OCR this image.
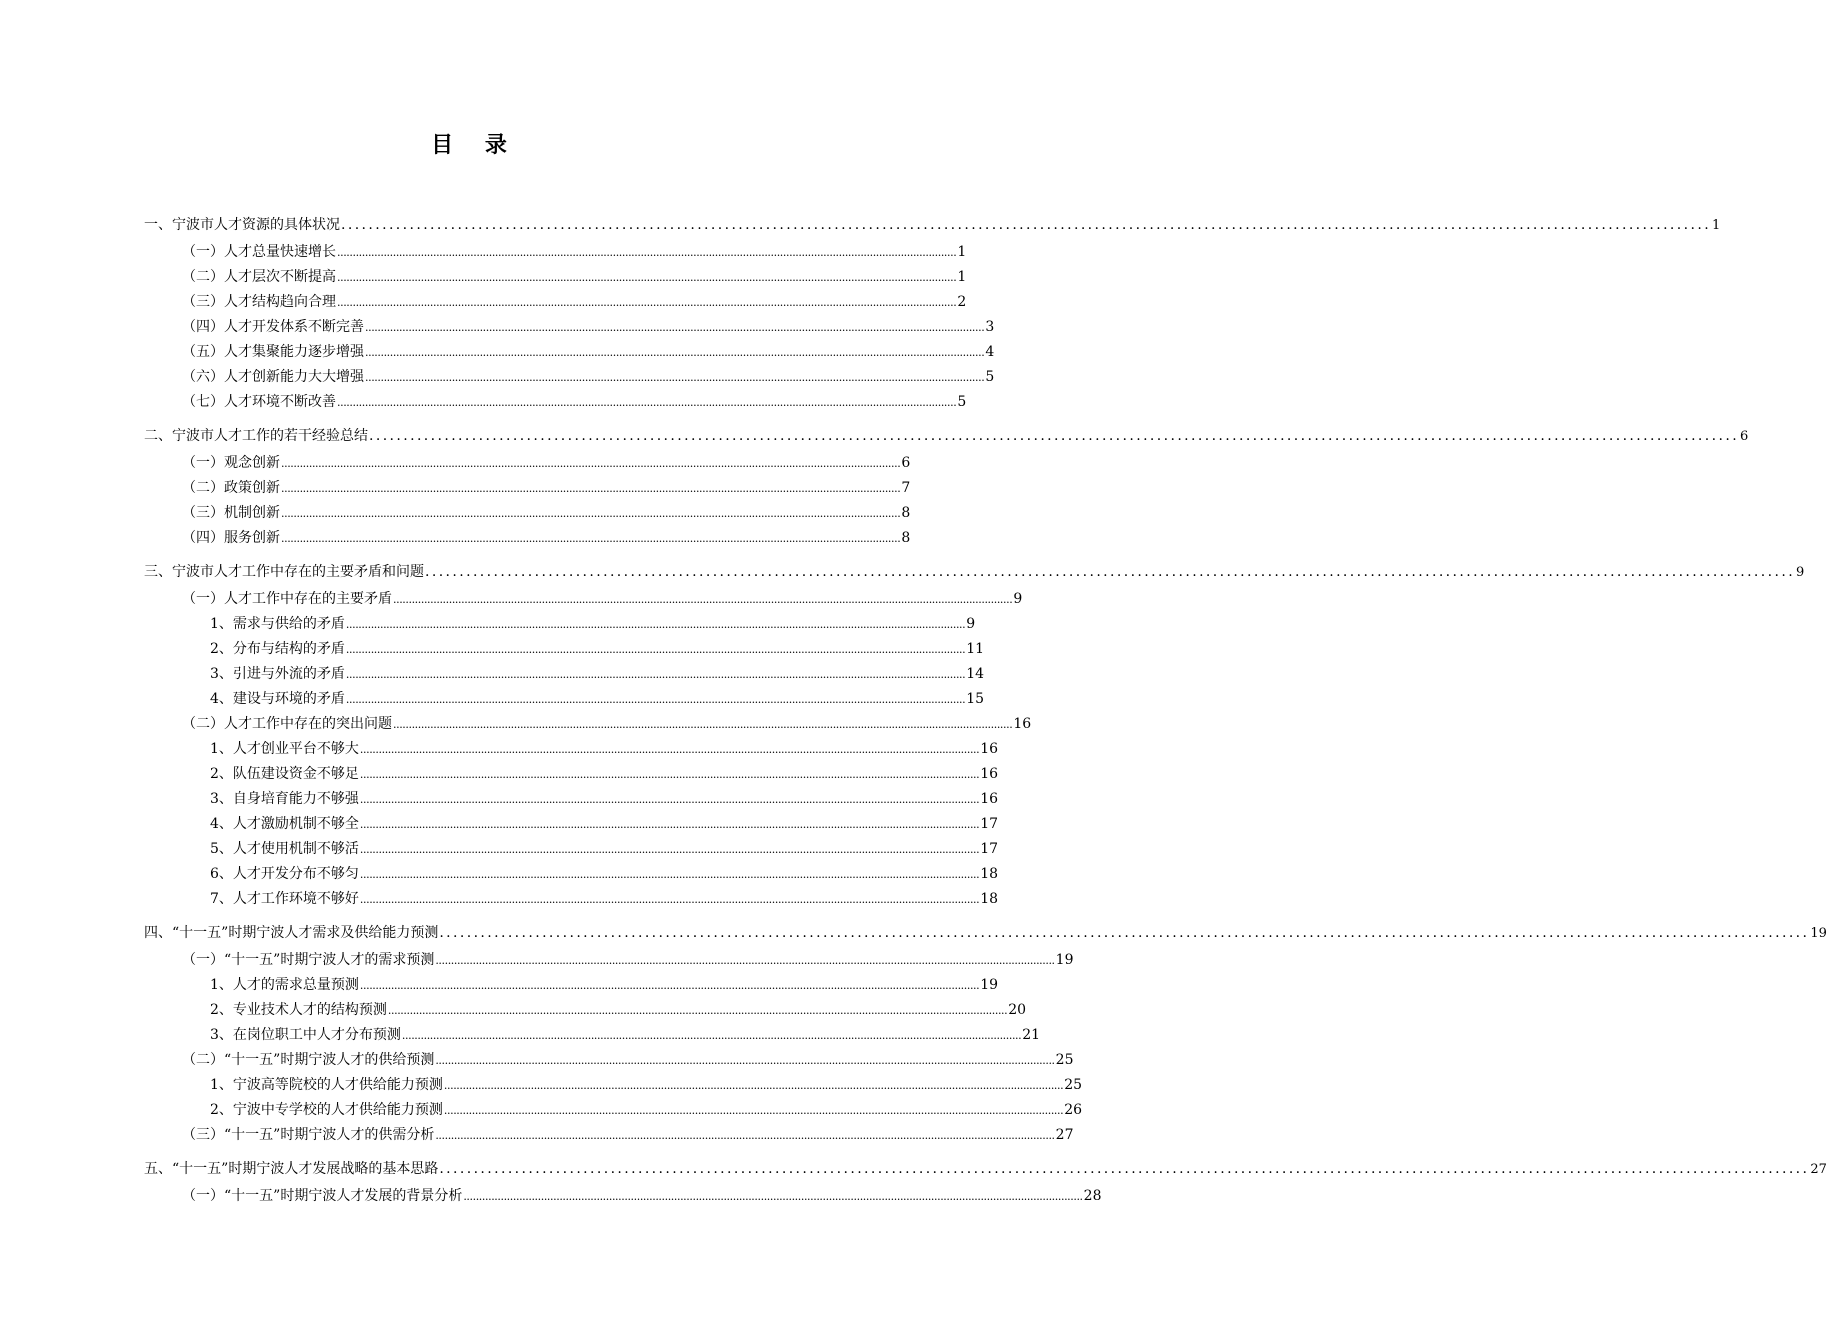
目 录
一、宁波市人才资源的具体状况 ........................................................................................................................................................................................................ 1
（一）人才总量快速增长 ........................................................................................................................................................................................................ 1
（二）人才层次不断提高 ........................................................................................................................................................................................................ 1
（三）人才结构趋向合理 ........................................................................................................................................................................................................ 2
（四）人才开发体系不断完善 ........................................................................................................................................................................................................ 3
（五）人才集聚能力逐步增强 ........................................................................................................................................................................................................ 4
（六）人才创新能力大大增强 ........................................................................................................................................................................................................ 5
（七）人才环境不断改善 ........................................................................................................................................................................................................ 5
二、宁波市人才工作的若干经验总结 ........................................................................................................................................................................................................ 6
（一）观念创新 ........................................................................................................................................................................................................ 6
（二）政策创新 ........................................................................................................................................................................................................ 7
（三）机制创新 ........................................................................................................................................................................................................ 8
（四）服务创新 ........................................................................................................................................................................................................ 8
三、宁波市人才工作中存在的主要矛盾和问题 ........................................................................................................................................................................................................ 9
（一）人才工作中存在的主要矛盾 ........................................................................................................................................................................................................ 9
1、需求与供给的矛盾 ........................................................................................................................................................................................................ 9
2、分布与结构的矛盾 ........................................................................................................................................................................................................ 11
3、引进与外流的矛盾 ........................................................................................................................................................................................................ 14
4、建设与环境的矛盾 ........................................................................................................................................................................................................ 15
（二）人才工作中存在的突出问题 ........................................................................................................................................................................................................ 16
1、人才创业平台不够大 ........................................................................................................................................................................................................ 16
2、队伍建设资金不够足 ........................................................................................................................................................................................................ 16
3、自身培育能力不够强 ........................................................................................................................................................................................................ 16
4、人才激励机制不够全 ........................................................................................................................................................................................................ 17
5、人才使用机制不够活 ........................................................................................................................................................................................................ 17
6、人才开发分布不够匀 ........................................................................................................................................................................................................ 18
7、人才工作环境不够好 ........................................................................................................................................................................................................ 18
四、“十一五”时期宁波人才需求及供给能力预测 ........................................................................................................................................................................................................ 19
（一）“十一五”时期宁波人才的需求预测 ........................................................................................................................................................................................................ 19
1、人才的需求总量预测 ........................................................................................................................................................................................................ 19
2、专业技术人才的结构预测 ........................................................................................................................................................................................................ 20
3、在岗位职工中人才分布预测 ........................................................................................................................................................................................................ 21
（二）“十一五”时期宁波人才的供给预测 ........................................................................................................................................................................................................ 25
1、宁波高等院校的人才供给能力预测 ........................................................................................................................................................................................................ 25
2、宁波中专学校的人才供给能力预测 ........................................................................................................................................................................................................ 26
（三）“十一五”时期宁波人才的供需分析 ........................................................................................................................................................................................................ 27
五、“十一五”时期宁波人才发展战略的基本思路 ........................................................................................................................................................................................................ 27
（一）“十一五”时期宁波人才发展的背景分析 ........................................................................................................................................................................................................ 28
